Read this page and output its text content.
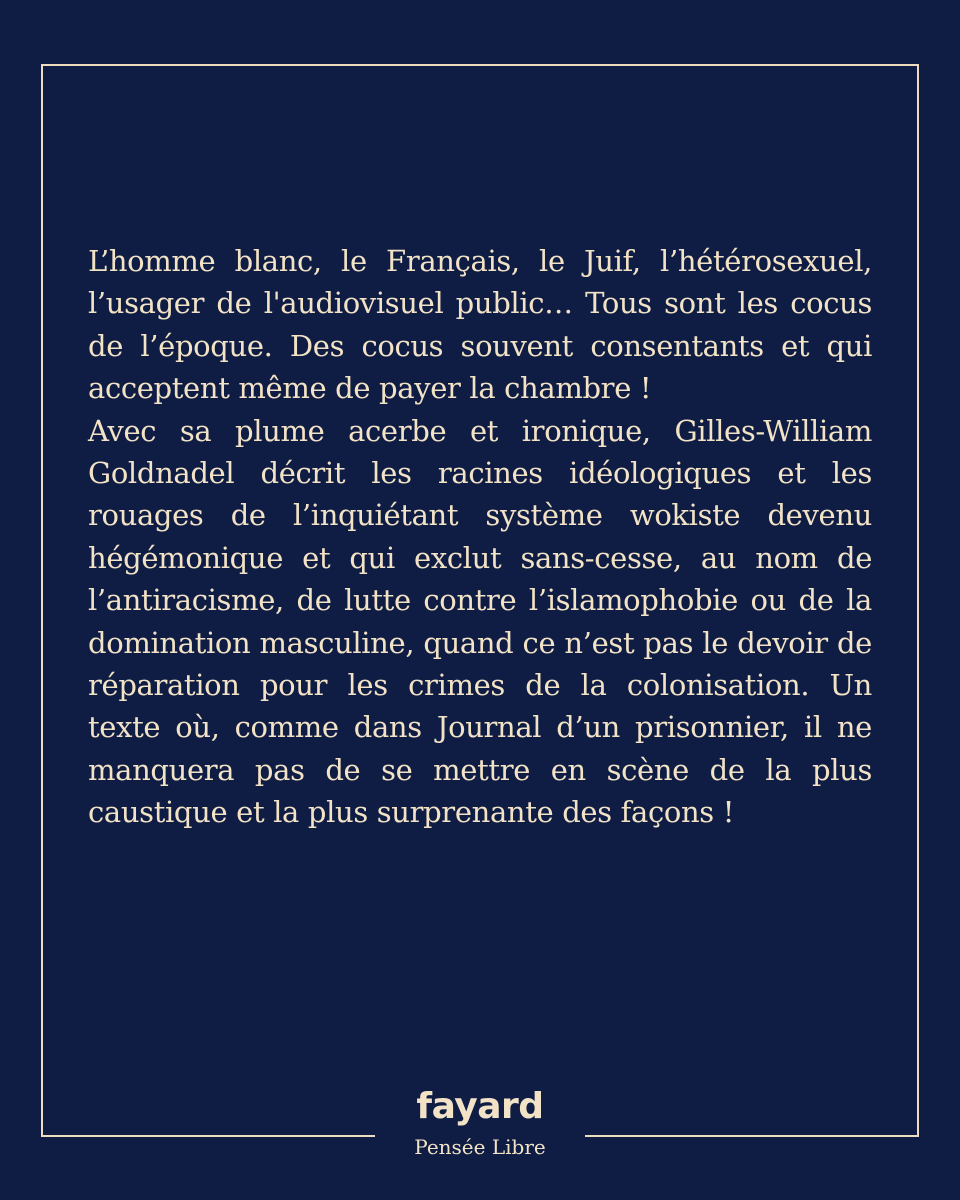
L’homme blanc, le Français, le Juif, l’hétérosexuel, l’usager de l'audiovisuel public… Tous sont les cocus de l’époque. Des cocus souvent consentants et qui acceptent même de payer la chambre !

Avec sa plume acerbe et ironique, Gilles-William Goldnadel décrit les racines idéologiques et les rouages de l’inquiétant système wokiste devenu hégémonique et qui exclut sans-cesse, au nom de l’antiracisme, de lutte contre l’islamophobie ou de la domination masculine, quand ce n’est pas le devoir de réparation pour les crimes de la colonisation. Un texte où, comme dans Journal d’un prisonnier, il ne manquera pas de se mettre en scène de la plus caustique et la plus surprenante des façons !

fayard
Pensée Libre
